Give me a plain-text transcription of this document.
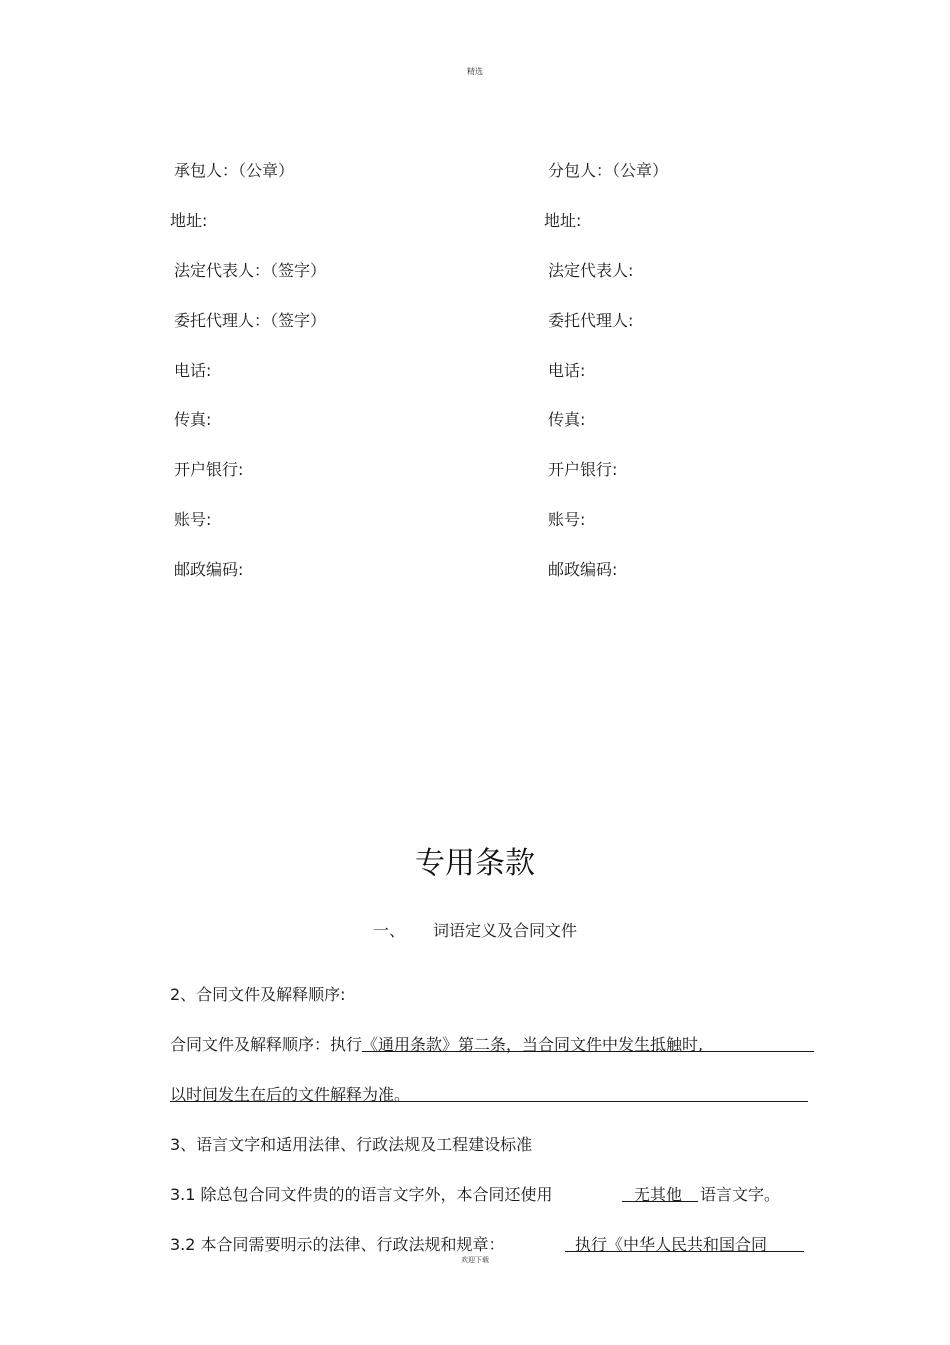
精选
承包人：（公章）
地址:
法定代表人：（签字）
委托代理人：（签字）
电话:
传真:
开户银行:
账号:
邮政编码:
分包人：（公章）
地址:
法定代表人:
委托代理人:
电话:
传真:
开户银行:
账号:
邮政编码:
专用条款
一、 词语定义及合同文件
2、合同文件及解释顺序:
合同文件及解释顺序：执行《通用条款》第二条，当合同文件中发生抵触时,
以时间发生在后的文件解释为准。
3、语言文字和适用法律、行政法规及工程建设标准
3.1 除总包合同文件贵的的语言文字外，本合同还使用	无其他 语言文字。
3.2 本合同需要明示的法律、行政法规和规章：	执行《中华人民共和国合同
欢迎下载
